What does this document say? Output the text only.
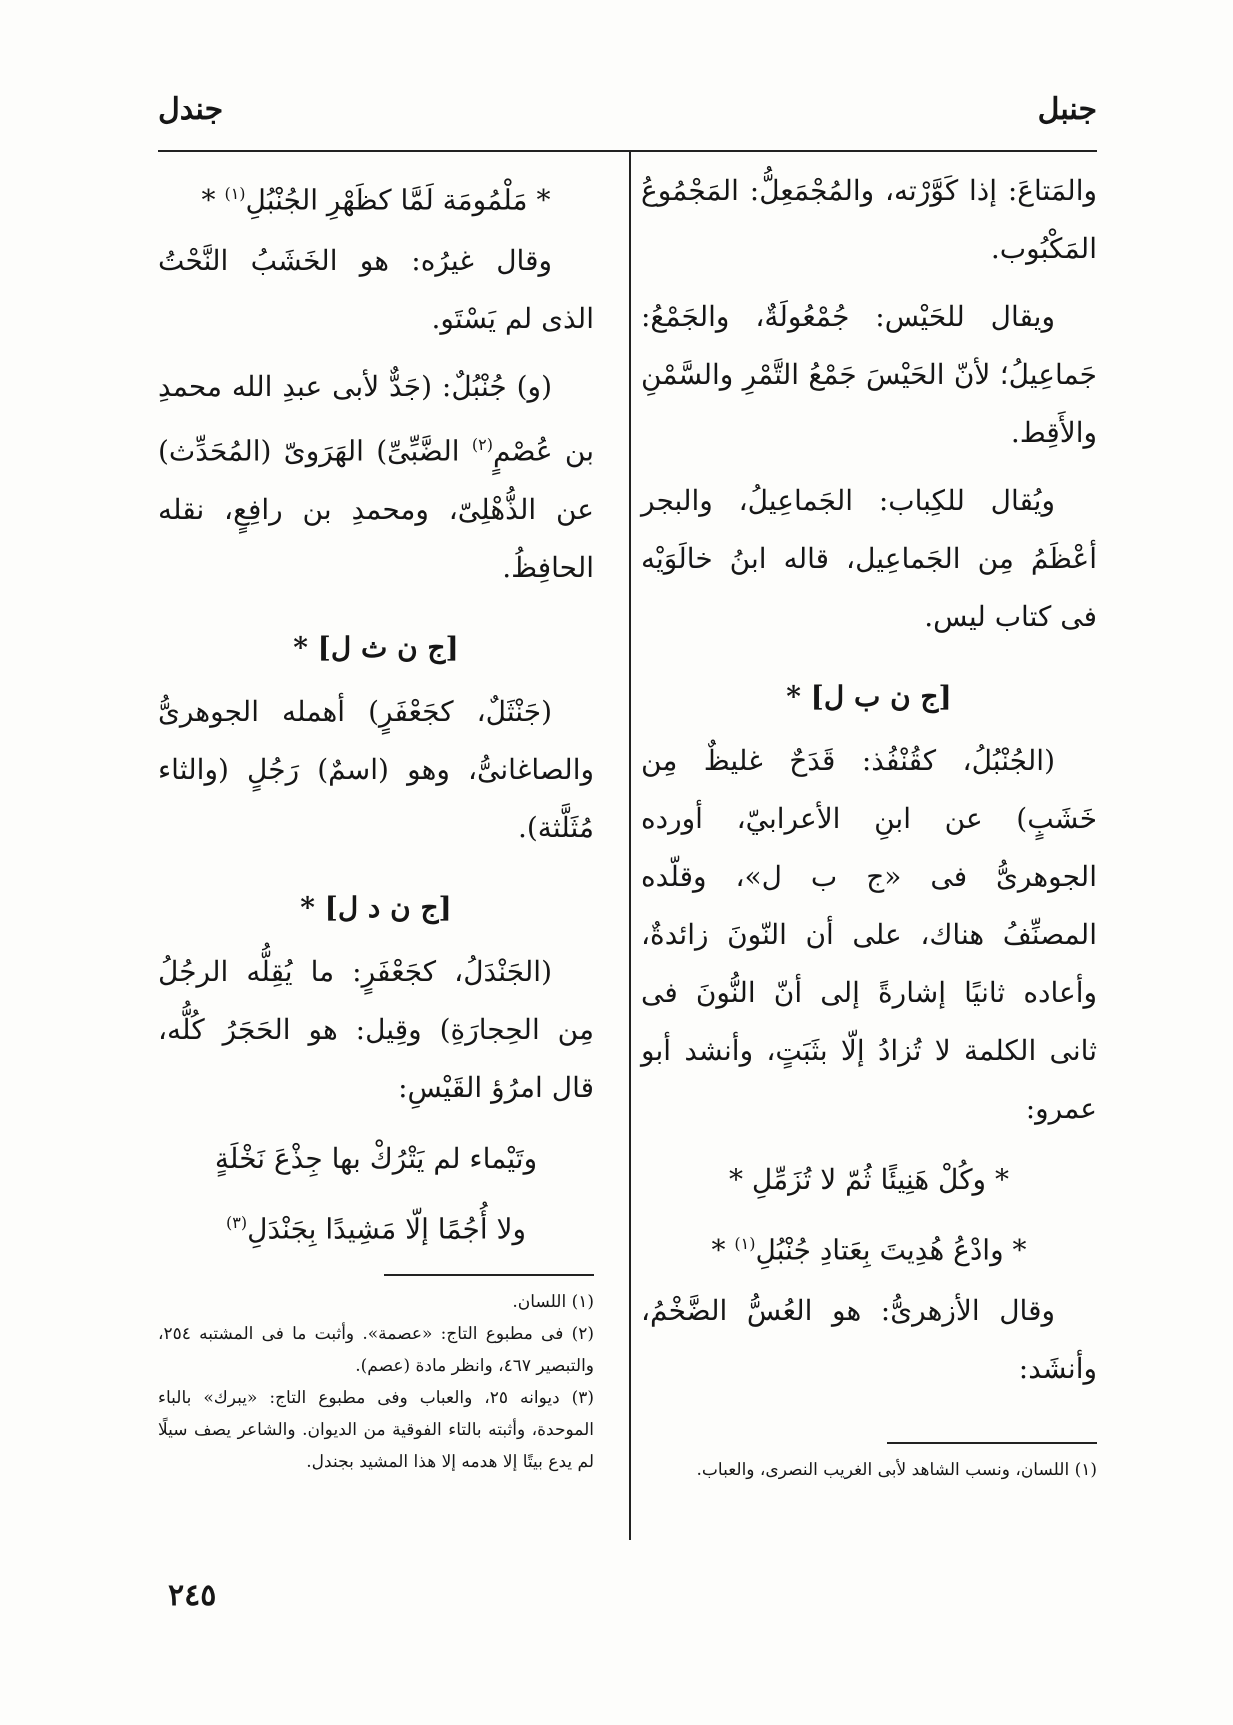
جنبل
جندل

والمَتاعَ: إذا كَوَّرْته، والمُجْمَعِلُّ: المَجْمُوعُ المَكْبُوب.

ويقال للحَيْس: جُمْعُولَةٌ، والجَمْعُ: جَماعِيلُ؛ لأنّ الحَيْسَ جَمْعُ التَّمْرِ والسَّمْنِ والأَقِط.

ويُقال للكِباب: الجَماعِيلُ، والبجر أعْظَمُ مِن الجَماعِيل، قاله ابنُ خالَوَيْه فى كتاب ليس.

[ج ن ب ل] *

(الجُنْبُلُ، كقُنْفُذ: قَدَحٌ غليظٌ مِن خَشَبٍ) عن ابنِ الأعرابيّ، أورده الجوهرىُّ فى «ج ب ل»، وقلّده المصنِّفُ هناك، على أن النّونَ زائدةٌ، وأعاده ثانيًا إشارةً إلى أنّ النُّونَ فى ثانى الكلمة لا تُزادُ إلّا بثَبَتٍ، وأنشد أبو عمرو:

* وكُلْ هَنِيئًا ثُمّ لا تُزَمِّلِ *
* وادْعُ هُدِيتَ بِعَتادِ جُنْبُلِ$^{(١)}$ *

وقال الأزهرىُّ: هو العُسُّ الضَّخْمُ، وأنشَد:

(١) اللسان، ونسب الشاهد لأبى الغريب النصرى، والعباب.

* مَلْمُومَة لَمَّا كظَهْرِ الجُنْبُلِ$^{(١)}$ *

وقال غيرُه: هو الخَشَبُ النَّحْتُ الذى لم يَسْتَو.

(و) جُنْبُلٌ: (جَدٌّ لأبى عبدِ الله محمدِ بن عُصْمٍ$^{(٢)}$ الضَّبِّىِّ) الهَرَوىّ (المُحَدِّث) عن الذُّهْلِىّ، ومحمدِ بن رافِعٍ، نقله الحافِظُ.

[ج ن ث ل] *

(جَنْثَلٌ، كجَعْفَرٍ) أهمله الجوهرىُّ والصاغانىُّ، وهو (اسمٌ) رَجُلٍ (والثاء مُثَلَّثة).

[ج ن د ل] *

(الجَنْدَلُ، كجَعْفَرٍ: ما يُقِلُّه الرجُلُ مِن الحِجارَةِ) وقِيل: هو الحَجَرُ كُلُّه، قال امرُؤ القَيْسِ:

وتَيْماء لم يَتْرُكْ بها جِذْعَ نَخْلَةٍ
ولا أُجُمًا إلّا مَشِيدًا بِجَنْدَلِ$^{(٣)}$

(١) اللسان.

(٢) فى مطبوع التاج: «عصمة». وأثبت ما فى المشتبه ٢٥٤، والتبصير ٤٦٧، وانظر مادة (عصم).

(٣) ديوانه ٢٥، والعباب وفى مطبوع التاج: «يبرك» بالباء الموحدة، وأثبته بالتاء الفوقية من الديوان. والشاعر يصف سيلًا لم يدع بيتًا إلا هدمه إلا هذا المشيد بجندل.

٢٤٥
